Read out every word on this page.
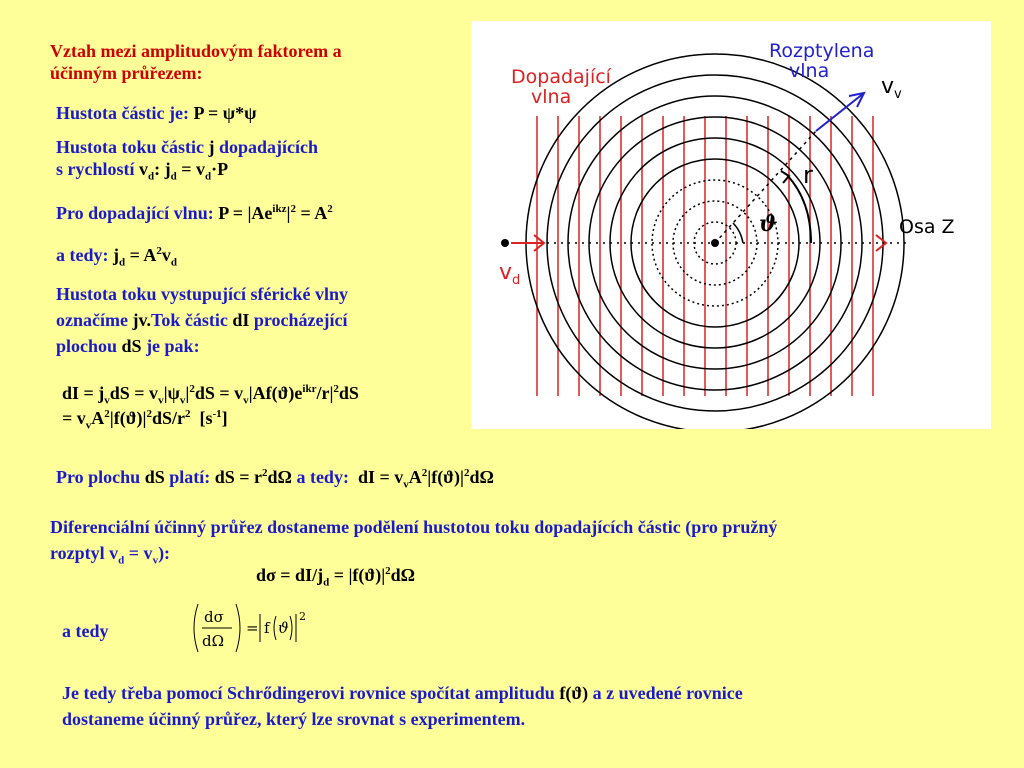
Vztah mezi amplitudovým faktorem a
účinným průřezem:
Hustota částic je: P = ψ*ψ
Hustota toku částic j dopadajících
s rychlostí $v_d$: $j_d = v_d\cdot P$
Pro dopadající vlnu: $P = |Ae^{ikz}|^2 = A^2$
a tedy: $j_d = A^2v_d$
Hustota toku vystupující sférické vlny
označíme jv.Tok částic dI procházející
plochou dS je pak:
dI = $j_vdS = v_v|\psi_v|^2dS = v_v|Af(ϑ)e^{ikr}/r|^2dS$
= $v_vA^2|f(ϑ)|^2dS/r^2$  $[s^{-1}]$
Rozptylena
vlna
Dopadající
vlna	$v_v$
$v_d$
r
ϑ	Osa Z
Pro plochu dS platí: dS = $r^2d\Omega$ a tedy: dI = $v_vA^2|f(ϑ)|^2d\Omega$
Diferenciální účinný průřez dostaneme podělení hustotou toku dopadajících částic (pro pružný
rozptyl $v_d = v_v$):
$d\sigma = dI/j_d = |f(ϑ)|^2d\Omega$
a tedy
dσ
dΩ
= f ϑ
2
Je tedy třeba pomocí Schrődingerovi rovnice spočítat amplitudu f(ϑ) a z uvedené rovnice
dostaneme účinný průřez, který lze srovnat s experimentem.
